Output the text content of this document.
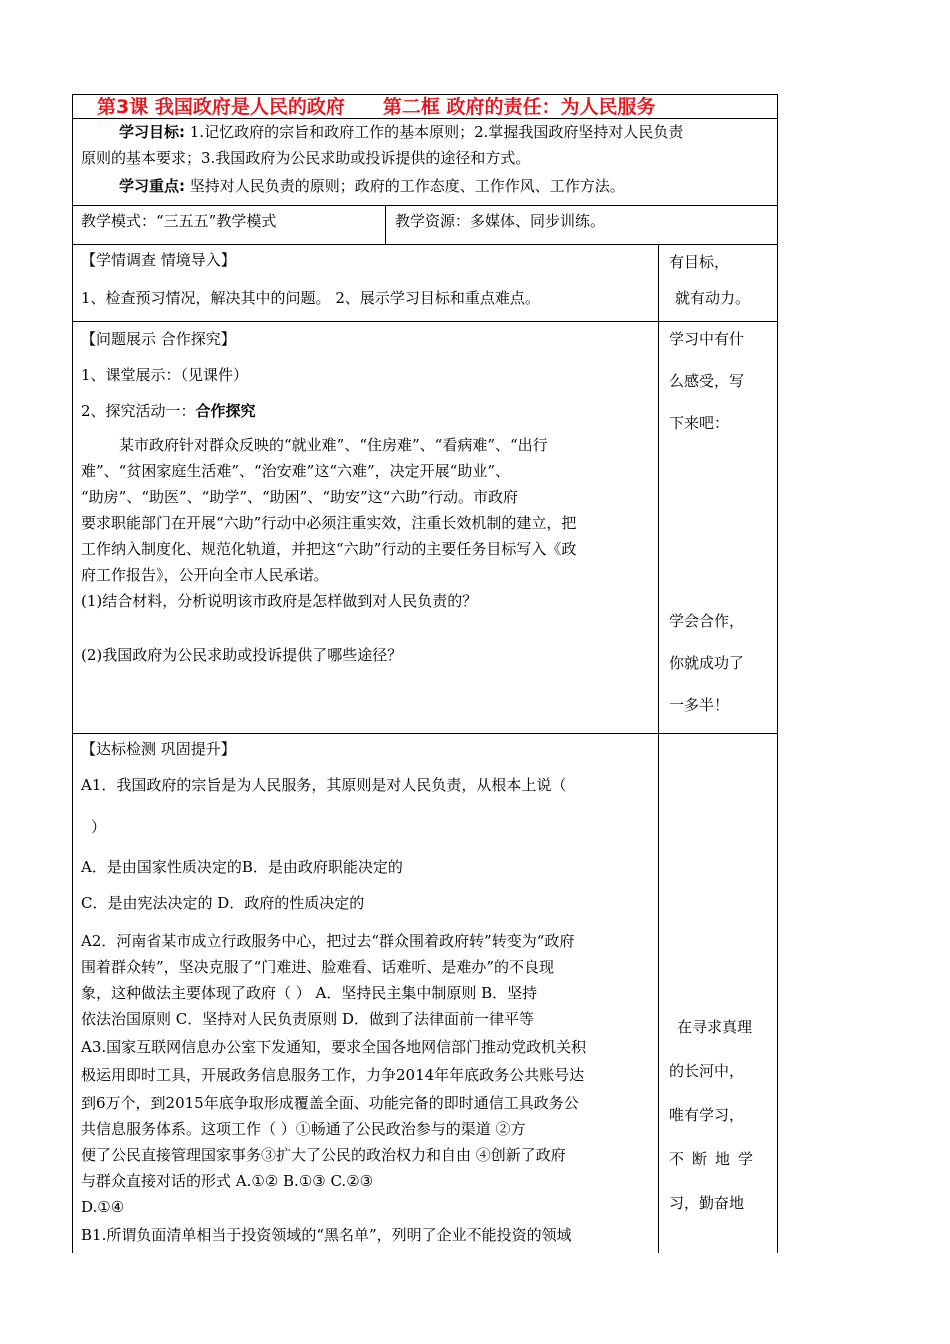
第3课 我国政府是人民的政府 第二框 政府的责任：为人民服务
学习目标: 1.记忆政府的宗旨和政府工作的基本原则；2.掌握我国政府坚持对人民负责
原则的基本要求；3.我国政府为公民求助或投诉提供的途径和方式。
学习重点: 坚持对人民负责的原则；政府的工作态度、工作作风、工作方法。
教学模式：“三五五”教学模式	教学资源：多媒体、同步训练。
【学情调查 情境导入】
1、检查预习情况，解决其中的问题。 2、展示学习目标和重点难点。
有目标，
就有动力。
【问题展示 合作探究】
1、课堂展示：（见课件）
2、探究活动一：合作探究
某市政府针对群众反映的“就业难”、“住房难”、“看病难”、“出行
难”、“贫困家庭生活难”、“治安难”这“六难”，决定开展“助业”、
“助房”、“助医”、“助学”、“助困”、“助安”这“六助”行动。市政府
要求职能部门在开展“六助”行动中必须注重实效，注重长效机制的建立，把
工作纳入制度化、规范化轨道，并把这“六助”行动的主要任务目标写入《政
府工作报告》，公开向全市人民承诺。
(1)结合材料，分析说明该市政府是怎样做到对人民负责的？
(2)我国政府为公民求助或投诉提供了哪些途径？
学习中有什
么感受，写
下来吧：
学会合作，
你就成功了
一多半！
【达标检测 巩固提升】
A1．我国政府的宗旨是为人民服务，其原则是对人民负责，从根本上说（
）
A．是由国家性质决定的B．是由政府职能决定的
C．是由宪法决定的 D．政府的性质决定的
A2．河南省某市成立行政服务中心，把过去“群众围着政府转”转变为“政府
围着群众转”，坚决克服了“门难进、脸难看、话难听、是难办”的不良现
象，这种做法主要体现了政府（ ） A．坚持民主集中制原则 B．坚持
依法治国原则 C．坚持对人民负责原则 D．做到了法律面前一律平等
A3.国家互联网信息办公室下发通知，要求全国各地网信部门推动党政机关积
极运用即时工具，开展政务信息服务工作，力争2014年年底政务公共账号达
到6万个，到2015年底争取形成覆盖全面、功能完备的即时通信工具政务公
共信息服务体系。这项工作（ ）①畅通了公民政治参与的渠道 ②方
便了公民直接管理国家事务③扩大了公民的政治权力和自由 ④创新了政府
与群众直接对话的形式 A.①② B.①③ C.②③
D.①④
B1.所谓负面清单相当于投资领域的“黑名单”，列明了企业不能投资的领域
在寻求真理
的长河中，
唯有学习，
不断地学
习，勤奋地
